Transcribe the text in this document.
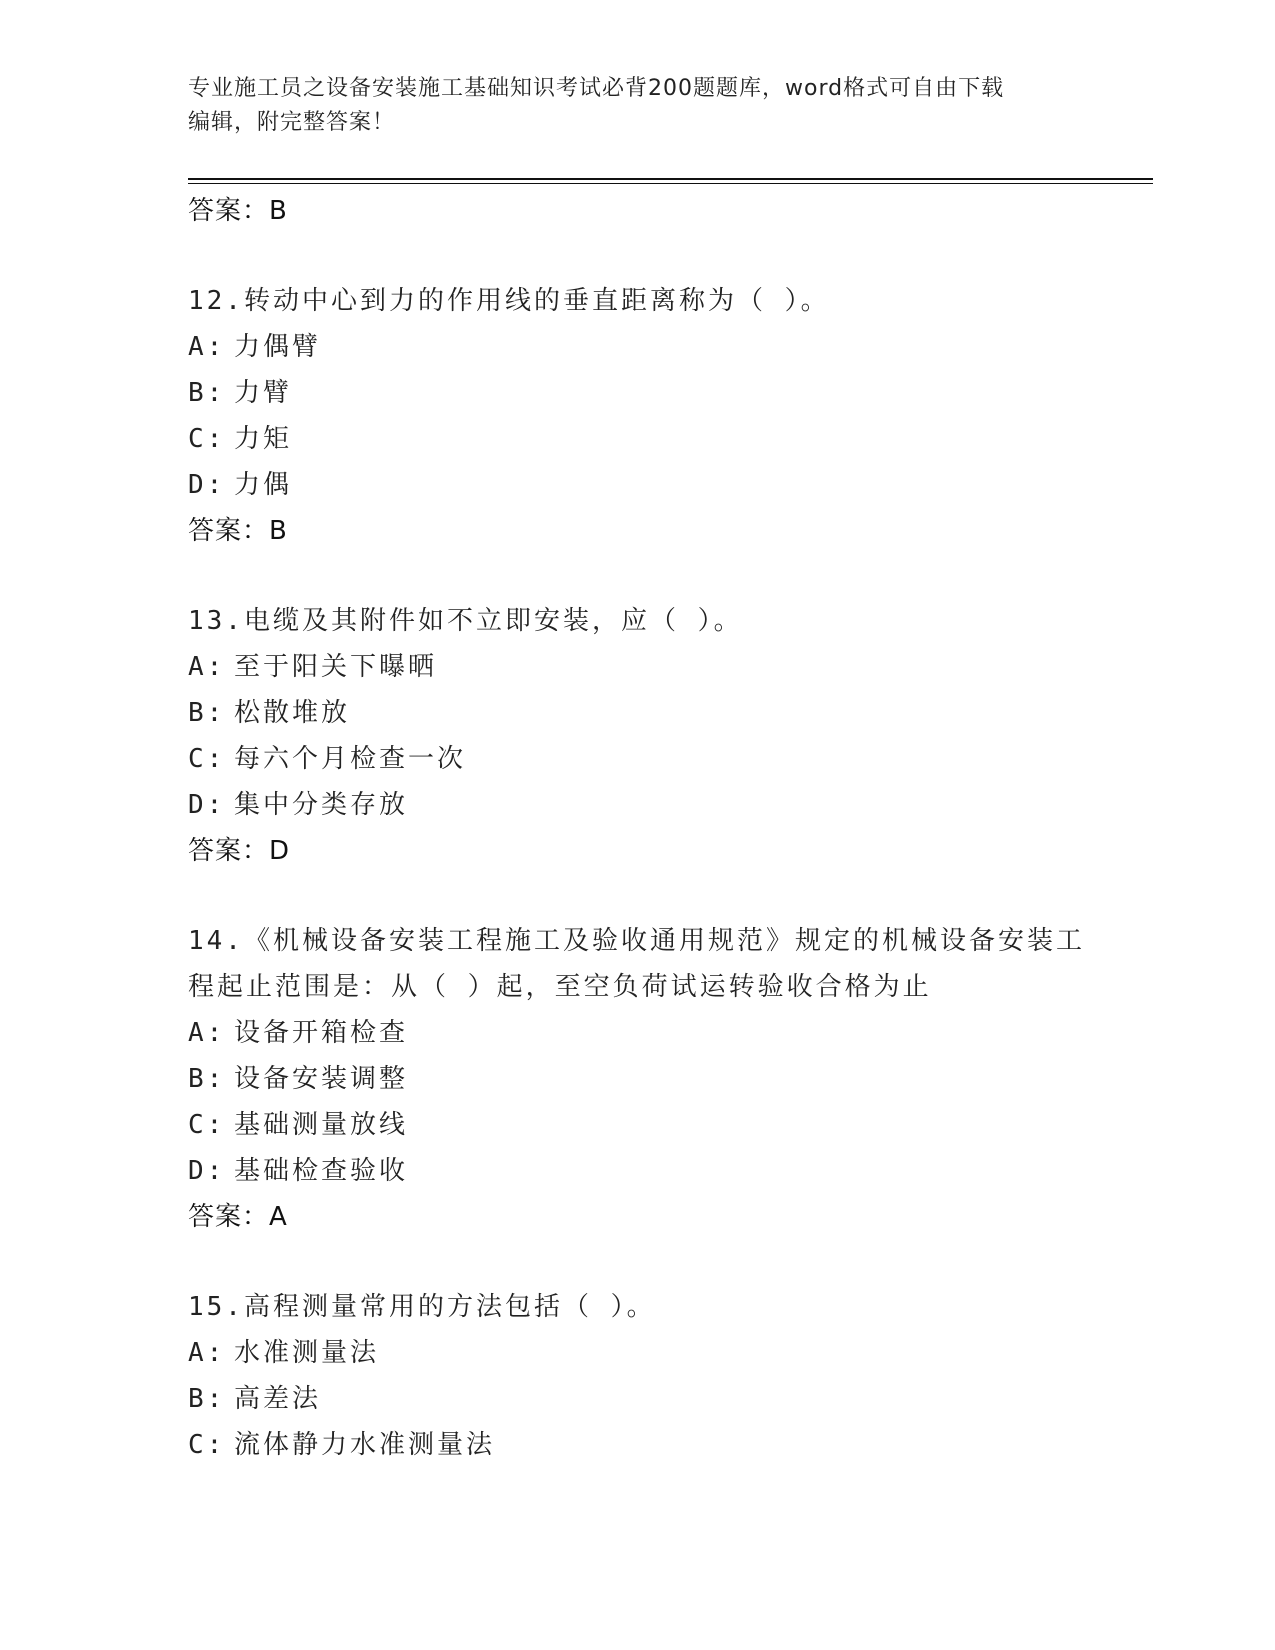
专业施工员之设备安装施工基础知识考试必背200题题库，word格式可自由下载
编辑，附完整答案！
答案：B
12.转动中心到力的作用线的垂直距离称为（ ）。
A: 力偶臂
B: 力臂
C: 力矩
D: 力偶
答案：B
13.电缆及其附件如不立即安装，应（ ）。
A: 至于阳关下曝晒
B: 松散堆放
C: 每六个月检查一次
D: 集中分类存放
答案：D
14.《机械设备安装工程施工及验收通用规范》规定的机械设备安装工
程起止范围是：从（ ）起，至空负荷试运转验收合格为止
A: 设备开箱检查
B: 设备安装调整
C: 基础测量放线
D: 基础检查验收
答案：A
15.高程测量常用的方法包括（ ）。
A: 水准测量法
B: 高差法
C: 流体静力水准测量法
